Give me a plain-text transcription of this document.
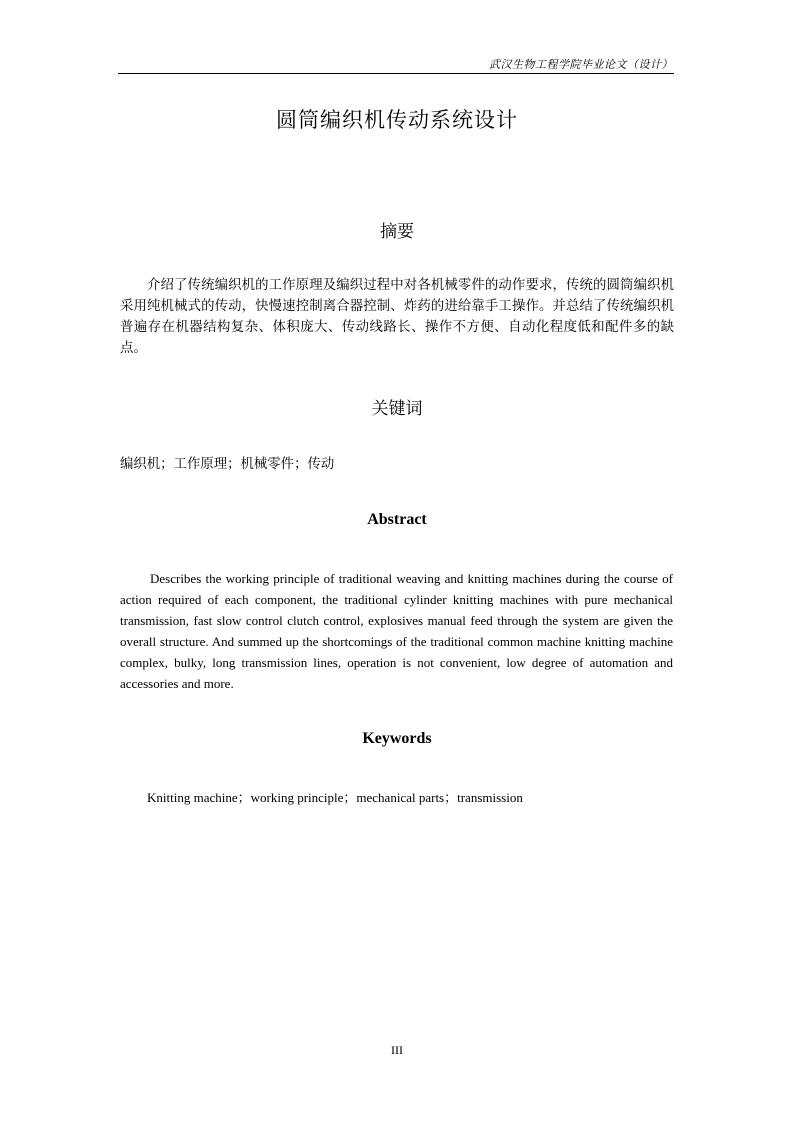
武汉生物工程学院毕业论文（设计）
圆筒编织机传动系统设计
摘要
介绍了传统编织机的工作原理及编织过程中对各机械零件的动作要求，传统的圆筒编织机采用纯机械式的传动，快慢速控制离合器控制、炸药的进给靠手工操作。并总结了传统编织机普遍存在机器结构复杂、体积庞大、传动线路长、操作不方便、自动化程度低和配件多的缺点。
关键词
编织机；工作原理；机械零件；传动
Abstract
Describes the working principle of traditional weaving and knitting machines during the course of action required of each component, the traditional cylinder knitting machines with pure mechanical transmission, fast slow control clutch control, explosives manual feed through the system are given the overall structure. And summed up the shortcomings of the traditional common machine knitting machine complex, bulky, long transmission lines, operation is not convenient, low degree of automation and accessories and more.
Keywords
Knitting machine；working principle；mechanical parts；transmission
III
